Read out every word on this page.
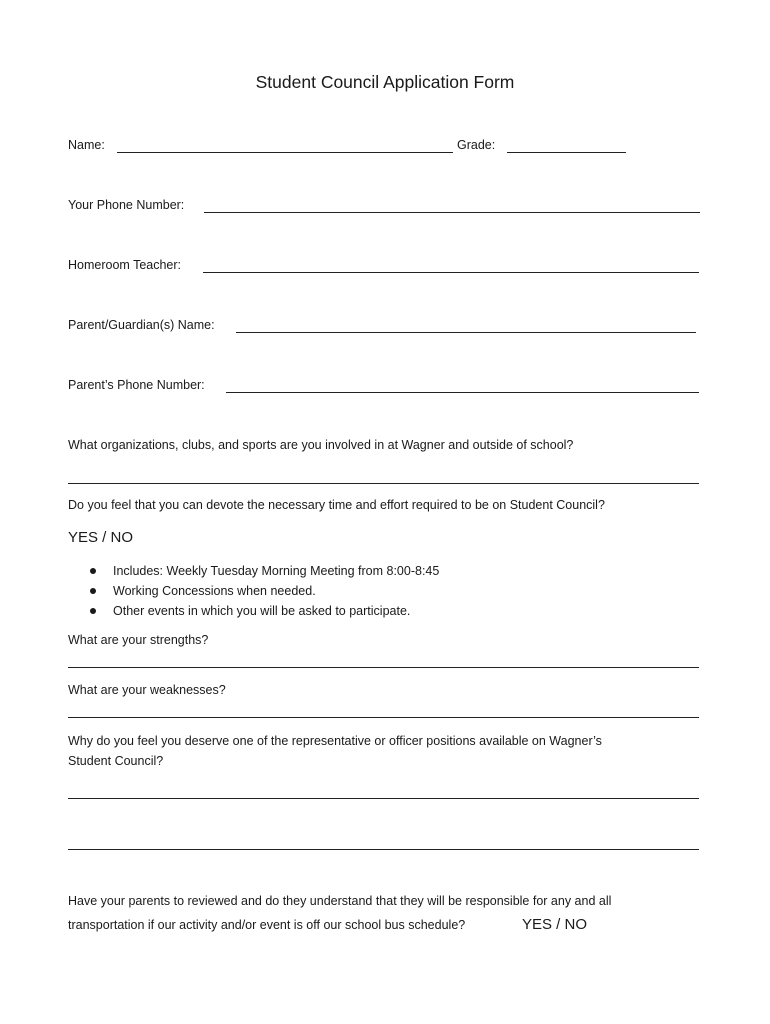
Student Council Application Form
Name:	Grade:
Your Phone Number:
Homeroom Teacher:
Parent/Guardian(s) Name:
Parent’s Phone Number:
What organizations, clubs, and sports are you involved in at Wagner and outside of school?
Do you feel that you can devote the necessary time and effort required to be on Student Council?
YES / NO
Includes: Weekly Tuesday Morning Meeting from 8:00-8:45
Working Concessions when needed.
Other events in which you will be asked to participate.
What are your strengths?
What are your weaknesses?
Why do you feel you deserve one of the representative or officer positions available on Wagner’s
Student Council?
Have your parents to reviewed and do they understand that they will be responsible for any and all
transportation if our activity and/or event is off our school bus schedule?	YES / NO
